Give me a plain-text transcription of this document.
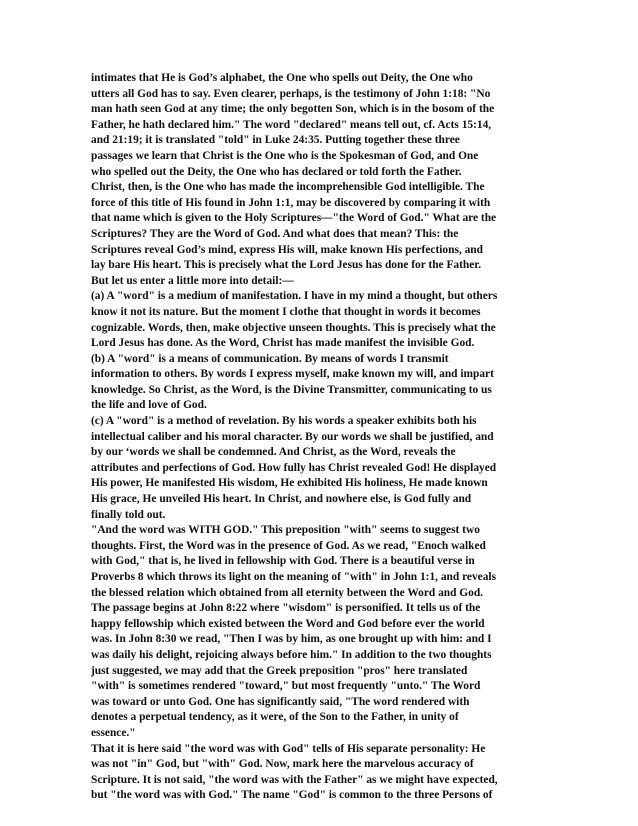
intimates that He is God’s alphabet, the One who spells out Deity, the One who
utters all God has to say. Even clearer, perhaps, is the testimony of John 1:18: "No
man hath seen God at any time; the only begotten Son, which is in the bosom of the
Father, he hath declared him." The word "declared" means tell out, cf. Acts 15:14,
and 21:19; it is translated "told" in Luke 24:35. Putting together these three
passages we learn that Christ is the One who is the Spokesman of God, and One
who spelled out the Deity, the One who has declared or told forth the Father.
Christ, then, is the One who has made the incomprehensible God intelligible. The
force of this title of His found in John 1:1, may be discovered by comparing it with
that name which is given to the Holy Scriptures—"the Word of God." What are the
Scriptures? They are the Word of God. And what does that mean? This: the
Scriptures reveal God’s mind, express His will, make known His perfections, and
lay bare His heart. This is precisely what the Lord Jesus has done for the Father.
But let us enter a little more into detail:—
(a) A "word" is a medium of manifestation. I have in my mind a thought, but others
know it not its nature. But the moment I clothe that thought in words it becomes
cognizable. Words, then, make objective unseen thoughts. This is precisely what the
Lord Jesus has done. As the Word, Christ has made manifest the invisible God.
(b) A "word" is a means of communication. By means of words I transmit
information to others. By words I express myself, make known my will, and impart
knowledge. So Christ, as the Word, is the Divine Transmitter, communicating to us
the life and love of God.
(c) A "word" is a method of revelation. By his words a speaker exhibits both his
intellectual caliber and his moral character. By our words we shall be justified, and
by our ‘words we shall be condemned. And Christ, as the Word, reveals the
attributes and perfections of God. How fully has Christ revealed God! He displayed
His power, He manifested His wisdom, He exhibited His holiness, He made known
His grace, He unveiled His heart. In Christ, and nowhere else, is God fully and
finally told out.
"And the word was WITH GOD." This preposition "with" seems to suggest two
thoughts. First, the Word was in the presence of God. As we read, "Enoch walked
with God," that is, he lived in fellowship with God. There is a beautiful verse in
Proverbs 8 which throws its light on the meaning of "with" in John 1:1, and reveals
the blessed relation which obtained from all eternity between the Word and God.
The passage begins at John 8:22 where "wisdom" is personified. It tells us of the
happy fellowship which existed between the Word and God before ever the world
was. In John 8:30 we read, "Then I was by him, as one brought up with him: and I
was daily his delight, rejoicing always before him." In addition to the two thoughts
just suggested, we may add that the Greek preposition "pros" here translated
"with" is sometimes rendered "toward," but most frequently "unto." The Word
was toward or unto God. One has significantly said, "The word rendered with
denotes a perpetual tendency, as it were, of the Son to the Father, in unity of
essence."
That it is here said "the word was with God" tells of His separate personality: He
was not "in" God, but "with" God. Now, mark here the marvelous accuracy of
Scripture. It is not said, "the word was with the Father" as we might have expected,
but "the word was with God." The name "God" is common to the three Persons of
